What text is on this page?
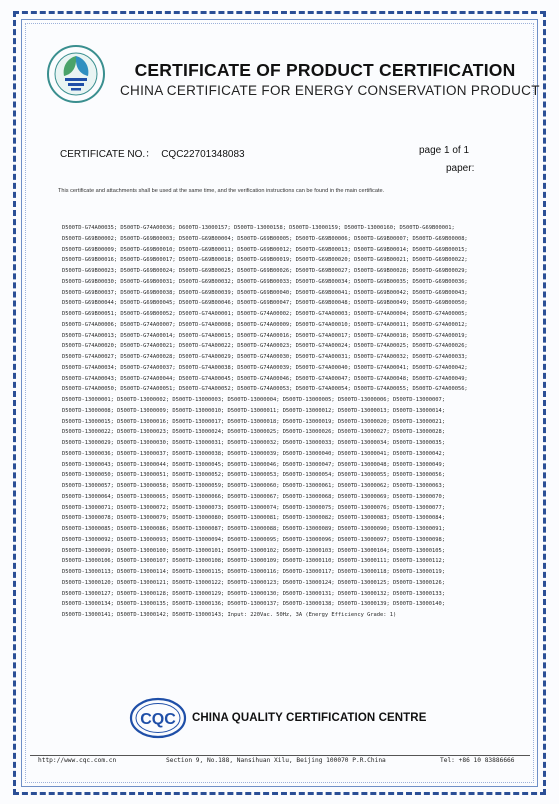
CERTIFICATE OF PRODUCT CERTIFICATION
CHINA CERTIFICATE FOR ENERGY CONSERVATION PRODUCT
CERTIFICATE NO.： CQC22701348083	page 1 of 1
paper:
This certificate and attachments shall be used at the same time, and the verification instructions can be found in the main certificate.
D500TD-G74A00035; D500TD-G74A00036; D600TD-13000157; D500TD-13000158; D500TD-13000159; D500TD-13000160; D500TD-G69B00001;
D500TD-G69B00002; D500TD-G69B00003; D500TD-G69B00004; D500TD-G69B00005; D500TD-G69B00006; D500TD-G69B00007; D500TD-G69B00008;
D500TD-G69B00009; D500TD-G69B00010; D500TD-G69B00011; D500TD-G69B00012; D500TD-G69B00013; D500TD-G69B00014; D500TD-G69B00015;
D500TD-G69B00016; D500TD-G69B00017; D500TD-G69B00018; D500TD-G69B00019; D500TD-G69B00020; D500TD-G69B00021; D500TD-G69B00022;
D500TD-G69B00023; D500TD-G69B00024; D500TD-G69B00025; D500TD-G69B00026; D500TD-G69B00027; D500TD-G69B00028; D500TD-G69B00029;
D500TD-G69B00030; D500TD-G69B00031; D500TD-G69B00032; D500TD-G69B00033; D500TD-G69B00034; D500TD-G69B00035; D500TD-G69B00036;
D500TD-G69B00037; D500TD-G69B00038; D500TD-G69B00039; D500TD-G69B00040; D500TD-G69B00041; D500TD-G69B00042; D500TD-G69B00043;
D500TD-G69B00044; D500TD-G69B00045; D500TD-G69B00046; D500TD-G69B00047; D500TD-G69B00048; D500TD-G69B00049; D500TD-G69B00050;
D500TD-G69B00051; D500TD-G69B00052; D500TD-G74A00001; D500TD-G74A00002; D500TD-G74A00003; D500TD-G74A00004; D500TD-G74A00005;
D500TD-G74A00006; D500TD-G74A00007; D500TD-G74A00008; D500TD-G74A00009; D500TD-G74A00010; D500TD-G74A00011; D500TD-G74A00012;
D500TD-G74A00013; D500TD-G74A00014; D500TD-G74A00015; D500TD-G74A00016; D500TD-G74A00017; D500TD-G74A00018; D500TD-G74A00019;
D500TD-G74A00020; D500TD-G74A00021; D500TD-G74A00022; D500TD-G74A00023; D500TD-G74A00024; D500TD-G74A00025; D500TD-G74A00026;
D500TD-G74A00027; D500TD-G74A00028; D500TD-G74A00029; D500TD-G74A00030; D500TD-G74A00031; D500TD-G74A00032; D500TD-G74A00033;
D500TD-G74A00034; D500TD-G74A00037; D500TD-G74A00038; D500TD-G74A00039; D500TD-G74A00040; D500TD-G74A00041; D500TD-G74A00042;
D500TD-G74A00043; D500TD-G74A00044; D500TD-G74A00045; D500TD-G74A00046; D500TD-G74A00047; D500TD-G74A00048; D500TD-G74A00049;
D500TD-G74A00050; D500TD-G74A00051; D500TD-G74A00052; D500TD-G74A00053; D500TD-G74A00054; D500TD-G74A00055; D500TD-G74A00056;
D500TD-13000001; D500TD-13000002; D500TD-13000003; D500TD-13000004; D500TD-13000005; D500TD-13000006; D500TD-13000007;
D500TD-13000008; D500TD-13000009; D500TD-13000010; D500TD-13000011; D500TD-13000012; D500TD-13000013; D500TD-13000014;
D500TD-13000015; D500TD-13000016; D500TD-13000017; D500TD-13000018; D500TD-13000019; D500TD-13000020; D500TD-13000021;
D500TD-13000022; D500TD-13000023; D500TD-13000024; D500TD-13000025; D500TD-13000026; D500TD-13000027; D500TD-13000028;
D500TD-13000029; D500TD-13000030; D500TD-13000031; D500TD-13000032; D500TD-13000033; D500TD-13000034; D500TD-13000035;
D500TD-13000036; D500TD-13000037; D500TD-13000038; D500TD-13000039; D500TD-13000040; D500TD-13000041; D500TD-13000042;
D500TD-13000043; D500TD-13000044; D500TD-13000045; D500TD-13000046; D500TD-13000047; D500TD-13000048; D500TD-13000049;
D500TD-13000050; D500TD-13000051; D500TD-13000052; D500TD-13000053; D500TD-13000054; D500TD-13000055; D500TD-13000056;
D500TD-13000057; D500TD-13000058; D500TD-13000059; D500TD-13000060; D500TD-13000061; D500TD-13000062; D500TD-13000063;
D500TD-13000064; D500TD-13000065; D500TD-13000066; D500TD-13000067; D500TD-13000068; D500TD-13000069; D500TD-13000070;
D500TD-13000071; D500TD-13000072; D500TD-13000073; D500TD-13000074; D500TD-13000075; D500TD-13000076; D500TD-13000077;
D500TD-13000078; D500TD-13000079; D500TD-13000080; D500TD-13000081; D500TD-13000082; D500TD-13000083; D500TD-13000084;
D500TD-13000085; D500TD-13000086; D500TD-13000087; D500TD-13000088; D500TD-13000089; D500TD-13000090; D500TD-13000091;
D500TD-13000092; D500TD-13000093; D500TD-13000094; D500TD-13000095; D500TD-13000096; D500TD-13000097; D500TD-13000098;
D500TD-13000099; D500TD-13000100; D500TD-13000101; D500TD-13000102; D500TD-13000103; D500TD-13000104; D500TD-13000105;
D500TD-13000106; D500TD-13000107; D500TD-13000108; D500TD-13000109; D500TD-13000110; D500TD-13000111; D500TD-13000112;
D500TD-13000113; D500TD-13000114; D500TD-13000115; D500TD-13000116; D500TD-13000117; D500TD-13000118; D500TD-13000119;
D500TD-13000120; D500TD-13000121; D500TD-13000122; D500TD-13000123; D500TD-13000124; D500TD-13000125; D500TD-13000126;
D500TD-13000127; D500TD-13000128; D500TD-13000129; D500TD-13000130; D500TD-13000131; D500TD-13000132; D500TD-13000133;
D500TD-13000134; D500TD-13000135; D500TD-13000136; D500TD-13000137; D500TD-13000138; D500TD-13000139; D500TD-13000140;
D500TD-13000141; D500TD-13000142; D500TD-13000143; Input: 220Vac. 50Hz, 3A (Energy Efficiency Grade: 1)
CQC CHINA QUALITY CERTIFICATION CENTRE
http://www.cqc.com.cn	Section 9, No.188, Nansihuan Xilu, Beijing 100070 P.R.China	Tel: +86 10 83886666
